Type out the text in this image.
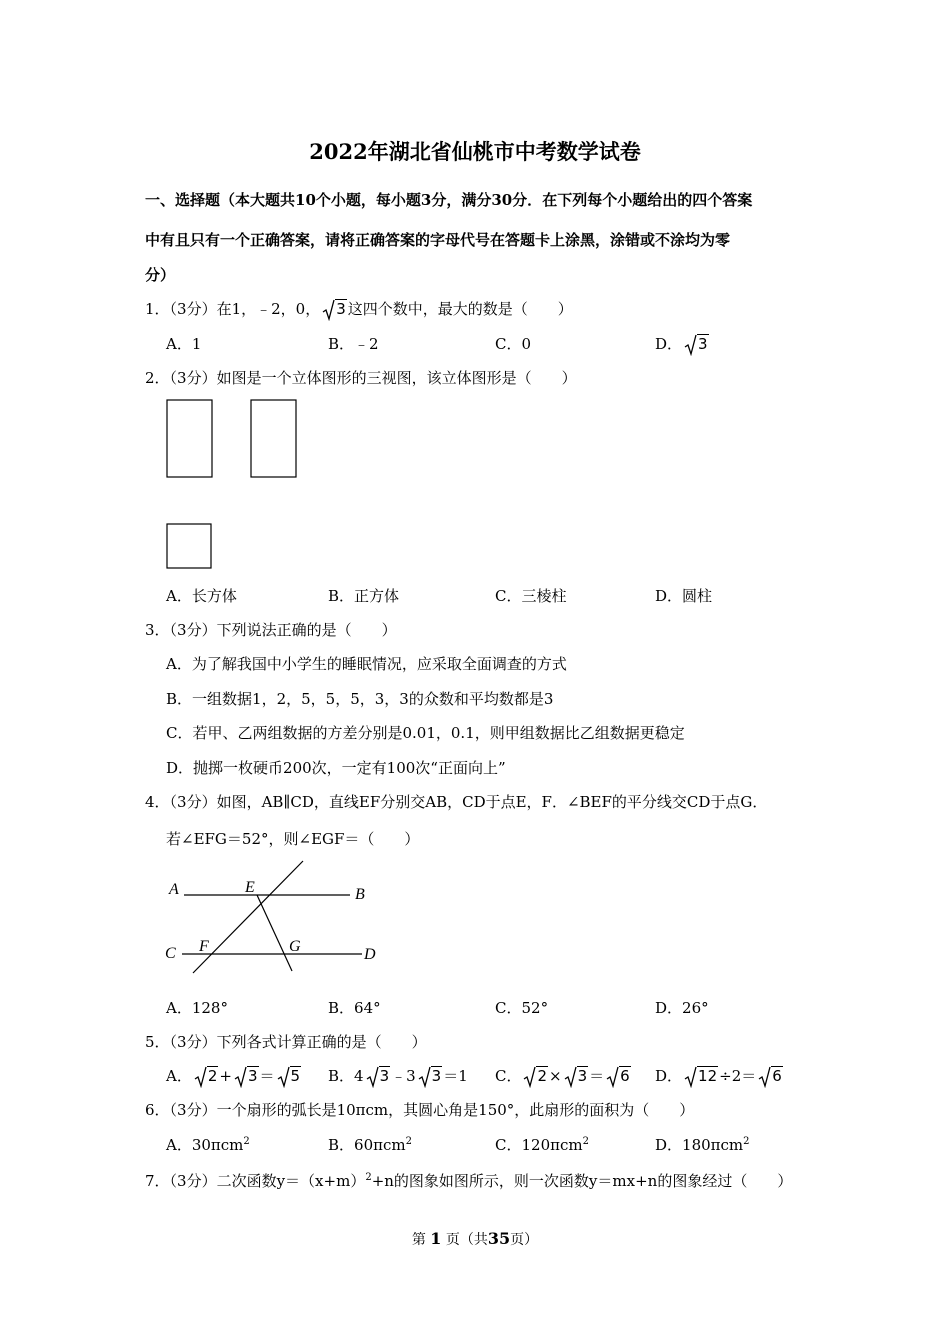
2022年湖北省仙桃市中考数学试卷
一、选择题（本大题共10个小题，每小题3分，满分30分．在下列每个小题给出的四个答案
中有且只有一个正确答案，请将正确答案的字母代号在答题卡上涂黑，涂错或不涂均为零
分）
1．（3分）在1，﹣2，0， 3 这四个数中，最大的数是（　　）
A．1	B．﹣2	C．0	D． 3
2．（3分）如图是一个立体图形的三视图，该立体图形是（　　）
A．长方体	B．正方体	C．三棱柱	D．圆柱
3．（3分）下列说法正确的是（　　）
A．为了解我国中小学生的睡眠情况，应采取全面调查的方式
B．一组数据1，2，5，5，5，3，3的众数和平均数都是3
C．若甲、乙两组数据的方差分别是0.01，0.1，则甲组数据比乙组数据更稳定
D．抛掷一枚硬币200次，一定有100次“正面向上”
4．（3分）如图，AB∥CD，直线EF分别交AB，CD于点E，F．∠BEF的平分线交CD于点G．
若∠EFG＝52°，则∠EGF＝（　　）
A	B
C	D
E
F	G
A．128°	B．64°	C．52°	D．26°
5．（3分）下列各式计算正确的是（　　）
A． 2 + 3 ＝ 5 B．4 3 ﹣3 3 ＝1 C． 2 × 3 ＝ 6 D． 12 ÷2＝ 6
6．（3分）一个扇形的弧长是10πcm，其圆心角是150°，此扇形的面积为（　　）
A．30πcm$^2$	B．60πcm$^2$	C．120πcm$^2$	D．180πcm$^2$
7．（3分）二次函数$y=(x+m)^2+n$的图象如图所示，则一次函数y＝mx+n的图象经过（　　）
第 1 页（共35页）
